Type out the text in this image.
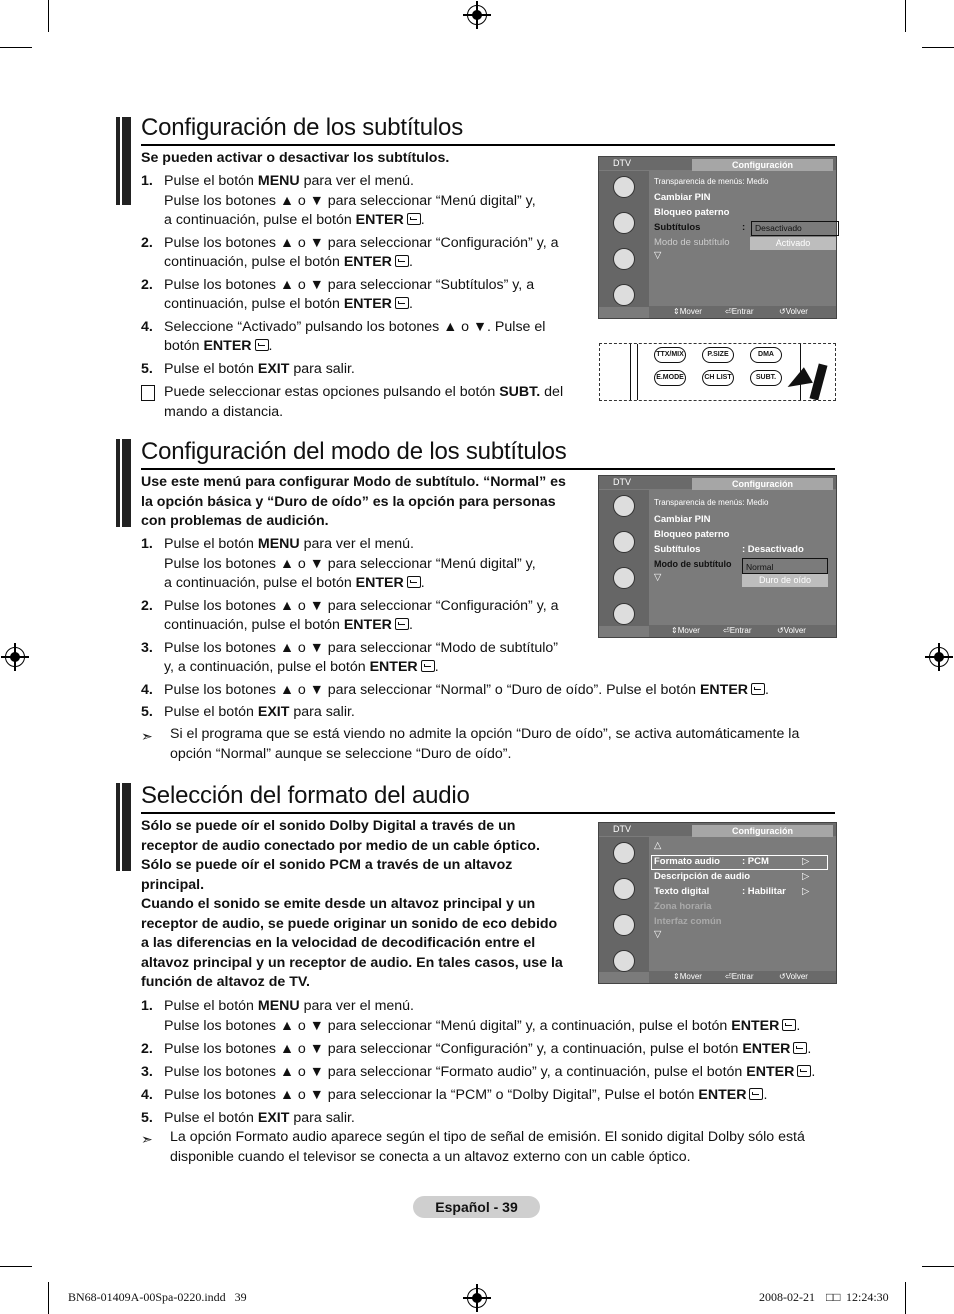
Configuración de los subtítulos
Se pueden activar o desactivar los subtítulos.
1. Pulse el botón MENU para ver el menú.
Pulse los botones ▲ o ▼ para seleccionar “Menú digital” y,
a continuación, pulse el botón ENTER .
2. Pulse los botones ▲ o ▼ para seleccionar “Configuración” y, a
continuación, pulse el botón ENTER .
2. Pulse los botones ▲ o ▼ para seleccionar “Subtítulos” y, a
continuación, pulse el botón ENTER .
4. Seleccione “Activado” pulsando los botones ▲ o ▼. Pulse el
botón ENTER .
5. Pulse el botón EXIT para salir.
Puede seleccionar estas opciones pulsando el botón SUBT. del
mando a distancia.
DTV	Configuración
Transparencia de menús: Medio
Cambiar PIN
Bloqueo paterno
Subtítulos	:
Modo de subtítulo
▽
Desactivado
Activado
⇕Mover	⏎Entrar	↺Volver
TTX/MIX	P.SIZE	DMA
E.MODE	CH LIST	SUBT.
Configuración del modo de los subtítulos
Use este menú para configurar Modo de subtítulo. “Normal” es
la opción básica y “Duro de oído” es la opción para personas
con problemas de audición.
1. Pulse el botón MENU para ver el menú.
Pulse los botones ▲ o ▼ para seleccionar “Menú digital” y,
a continuación, pulse el botón ENTER .
2. Pulse los botones ▲ o ▼ para seleccionar “Configuración” y, a
continuación, pulse el botón ENTER .
3. Pulse los botones ▲ o ▼ para seleccionar “Modo de subtítulo”
y, a continuación, pulse el botón ENTER .
4. Pulse los botones ▲ o ▼ para seleccionar “Normal” o “Duro de oído”. Pulse el botón ENTER .
5. Pulse el botón EXIT para salir.
➣ Si el programa que se está viendo no admite la opción “Duro de oído”, se activa automáticamente la
opción “Normal” aunque se seleccione “Duro de oído”.
DTV	Configuración
Transparencia de menús: Medio
Cambiar PIN
Bloqueo paterno
Subtítulos	: Desactivado
Modo de subtítulo
▽
Normal
Duro de oído
⇕Mover	⏎Entrar	↺Volver
Selección del formato del audio
Sólo se puede oír el sonido Dolby Digital a través de un
receptor de audio conectado por medio de un cable óptico.
Sólo se puede oír el sonido PCM a través de un altavoz
principal.
Cuando el sonido se emite desde un altavoz principal y un
receptor de audio, se puede originar un sonido de eco debido
a las diferencias en la velocidad de decodificación entre el
altavoz principal y un receptor de audio. En tales casos, use la
función de altavoz de TV.
1. Pulse el botón MENU para ver el menú.
Pulse los botones ▲ o ▼ para seleccionar “Menú digital” y, a continuación, pulse el botón ENTER .
2. Pulse los botones ▲ o ▼ para seleccionar “Configuración” y, a continuación, pulse el botón ENTER .
3. Pulse los botones ▲ o ▼ para seleccionar “Formato audio” y, a continuación, pulse el botón ENTER .
4. Pulse los botones ▲ o ▼ para seleccionar la “PCM” o “Dolby Digital”, Pulse el botón ENTER .
5. Pulse el botón EXIT para salir.
➣ La opción Formato audio aparece según el tipo de señal de emisión. El sonido digital Dolby sólo está
disponible cuando el televisor se conecta a un altavoz externo con un cable óptico.
DTV	Configuración
△
Formato audio : PCM	▷
Descripción de audio	▷
Texto digital	: Habilitar ▷
Zona horaria
Interfaz común
▽
⇕Mover	⏎Entrar	↺Volver
Español - 39
BN68-01409A-00Spa-0220.indd   39	2008-02-21 □□ 12:24:30
